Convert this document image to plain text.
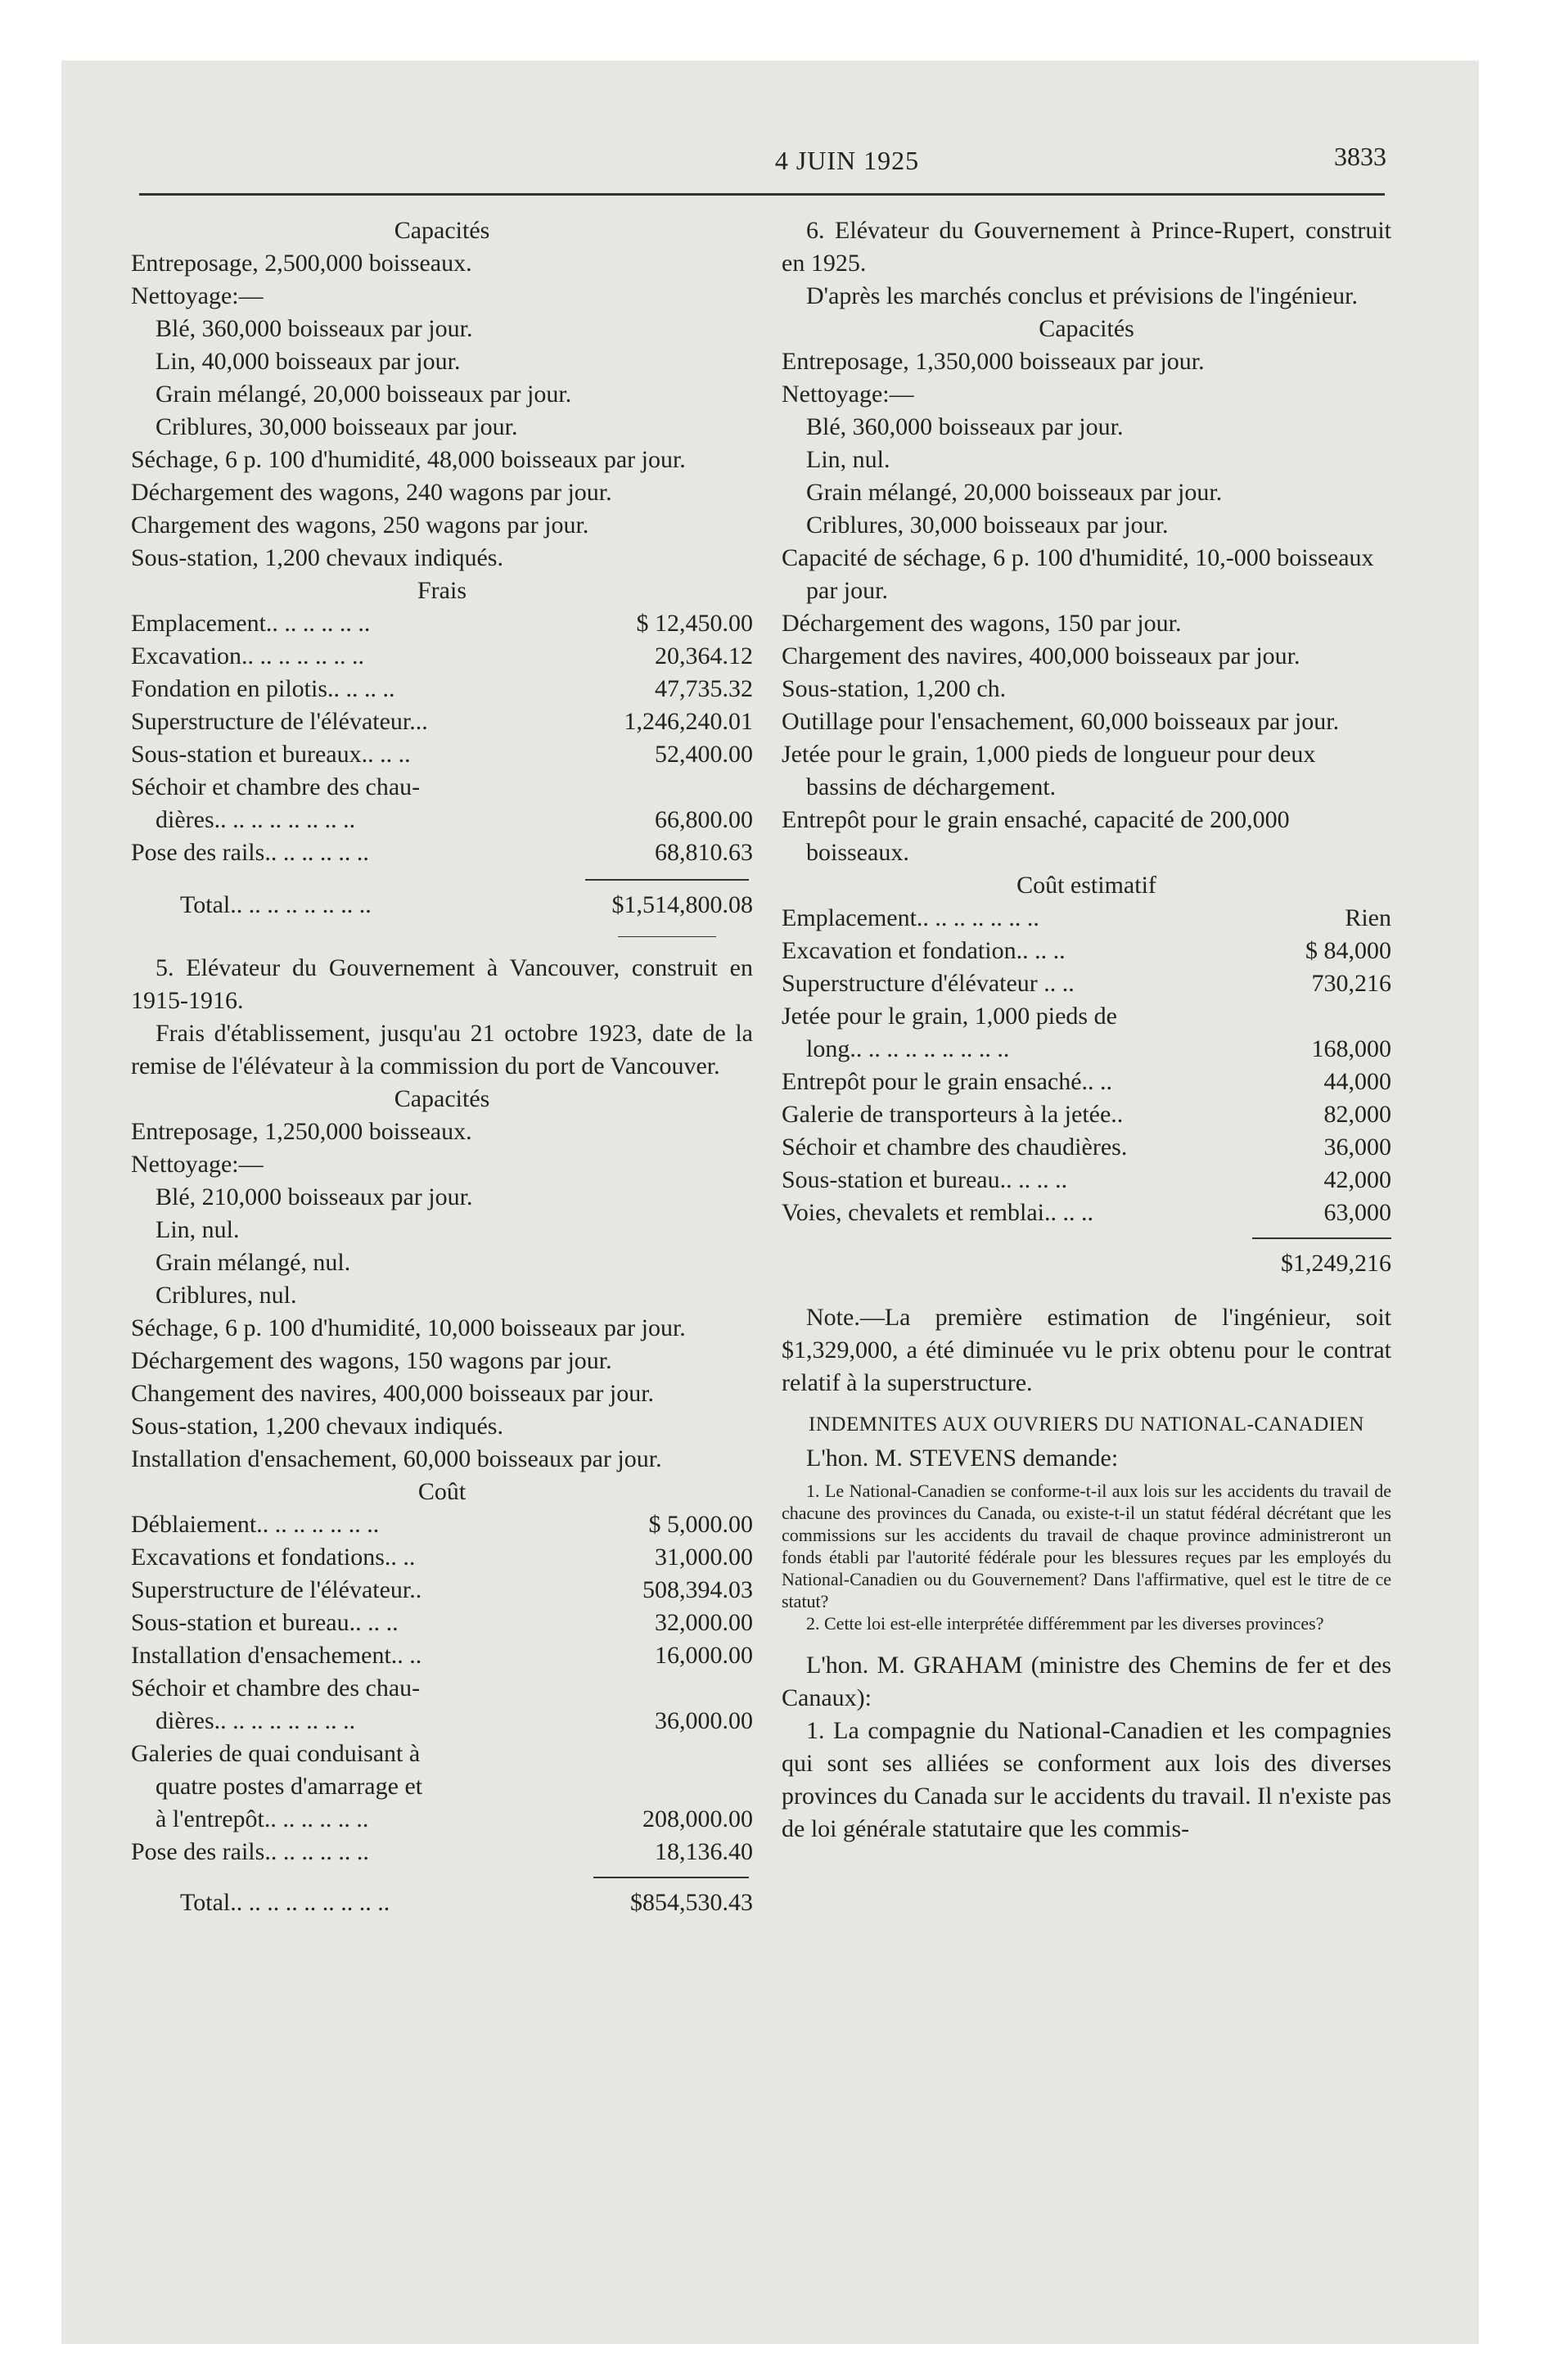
4 JUIN 1925	3833

Capacités

Entreposage, 2,500,000 boisseaux.

Nettoyage:—

Blé, 360,000 boisseaux par jour.

Lin, 40,000 boisseaux par jour.

Grain mélangé, 20,000 boisseaux par jour.

Criblures, 30,000 boisseaux par jour.

Séchage, 6 p. 100 d'humidité, 48,000 boisseaux par jour.

Déchargement des wagons, 240 wagons par jour.

Chargement des wagons, 250 wagons par jour.

Sous-station, 1,200 chevaux indiqués.

Frais

Emplacement.. .. .. .. .. ..	$ 12,450.00
Excavation.. .. .. .. .. .. ..	20,364.12
Fondation en pilotis.. .. .. ..	47,735.32
Superstructure de l'élévateur...	1,246,240.01
Sous-station et bureaux.. .. ..	52,400.00
Séchoir et chambre des chau-
dières.. .. .. .. .. .. .. ..	66,800.00
Pose des rails.. .. .. .. .. ..	68,810.63
Total.. .. .. .. .. .. .. ..	$1,514,800.08

5. Elévateur du Gouvernement à Vancouver, construit en 1915-1916.

Frais d'établissement, jusqu'au 21 octobre 1923, date de la remise de l'élévateur à la commission du port de Vancouver.

Capacités

Entreposage, 1,250,000 boisseaux.

Nettoyage:—

Blé, 210,000 boisseaux par jour.

Lin, nul.

Grain mélangé, nul.

Criblures, nul.

Séchage, 6 p. 100 d'humidité, 10,000 boisseaux par jour.

Déchargement des wagons, 150 wagons par jour.

Changement des navires, 400,000 boisseaux par jour.

Sous-station, 1,200 chevaux indiqués.

Installation d'ensachement, 60,000 boisseaux par jour.

Coût

Déblaiement.. .. .. .. .. .. ..	$ 5,000.00
Excavations et fondations.. ..	31,000.00
Superstructure de l'élévateur..	508,394.03
Sous-station et bureau.. .. ..	32,000.00
Installation d'ensachement.. ..	16,000.00
Séchoir et chambre des chau-
dières.. .. .. .. .. .. .. ..	36,000.00
Galeries de quai conduisant à
quatre postes d'amarrage et
à l'entrepôt.. .. .. .. .. ..	208,000.00
Pose des rails.. .. .. .. .. ..	18,136.40
Total.. .. .. .. .. .. .. .. ..	$854,530.43

6. Elévateur du Gouvernement à Prince-Rupert, construit en 1925.

D'après les marchés conclus et prévisions de l'ingénieur.

Capacités

Entreposage, 1,350,000 boisseaux par jour.

Nettoyage:—

Blé, 360,000 boisseaux par jour.

Lin, nul.

Grain mélangé, 20,000 boisseaux par jour.

Criblures, 30,000 boisseaux par jour.

Capacité de séchage, 6 p. 100 d'humidité, 10,-000 boisseaux par jour.

Déchargement des wagons, 150 par jour.

Chargement des navires, 400,000 boisseaux par jour.

Sous-station, 1,200 ch.

Outillage pour l'ensachement, 60,000 boisseaux par jour.

Jetée pour le grain, 1,000 pieds de longueur pour deux bassins de déchargement.

Entrepôt pour le grain ensaché, capacité de 200,000 boisseaux.

Coût estimatif

Emplacement.. .. .. .. .. .. ..	Rien
Excavation et fondation.. .. ..	$ 84,000
Superstructure d'élévateur .. ..	730,216
Jetée pour le grain, 1,000 pieds de
long.. .. .. .. .. .. .. .. ..	168,000
Entrepôt pour le grain ensaché.. ..	44,000
Galerie de transporteurs à la jetée..	82,000
Séchoir et chambre des chaudières.	36,000
Sous-station et bureau.. .. .. ..	42,000
Voies, chevalets et remblai.. .. ..	63,000
$1,249,216

Note.—La première estimation de l'ingénieur, soit $1,329,000, a été diminuée vu le prix obtenu pour le contrat relatif à la superstructure.

INDEMNITES AUX OUVRIERS DU NATIONAL-CANADIEN

L'hon. M. STEVENS demande:

1. Le National-Canadien se conforme-t-il aux lois sur les accidents du travail de chacune des provinces du Canada, ou existe-t-il un statut fédéral décrétant que les commissions sur les accidents du travail de chaque province administreront un fonds établi par l'autorité fédérale pour les blessures reçues par les employés du National-Canadien ou du Gouvernement? Dans l'affirmative, quel est le titre de ce statut?

2. Cette loi est-elle interprétée différemment par les diverses provinces?

L'hon. M. GRAHAM (ministre des Chemins de fer et des Canaux):

1. La compagnie du National-Canadien et les compagnies qui sont ses alliées se conforment aux lois des diverses provinces du Canada sur le accidents du travail. Il n'existe pas de loi générale statutaire que les commis-
